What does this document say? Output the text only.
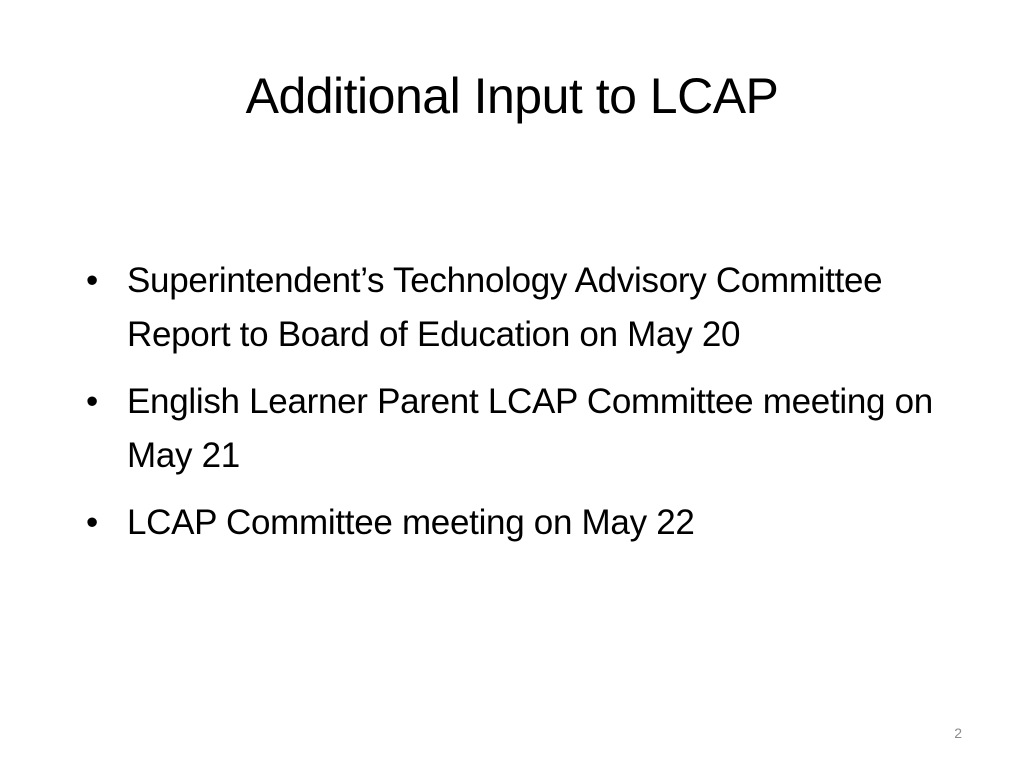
Additional Input to LCAP
• Superintendent’s Technology Advisory Committee Report to Board of Education on May 20
• English Learner Parent LCAP Committee meeting on May 21
• LCAP Committee meeting on May 22
2
